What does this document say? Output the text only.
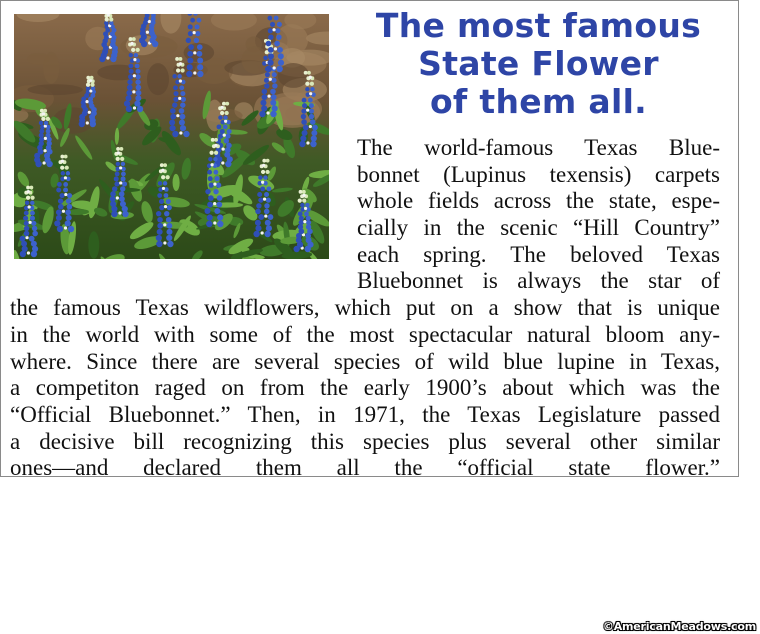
The most famous
State Flower
of them all.
The world-famous Texas Blue-
bonnet (Lupinus texensis) carpets
whole fields across the state, espe-
cially in the scenic “Hill Country”
each spring. The beloved Texas
Bluebonnet is always the star of
the famous Texas wildflowers, which put on a show that is unique
in the world with some of the most spectacular natural bloom any-
where. Since there are several species of wild blue lupine in Texas,
a competiton raged on from the early 1900’s about which was the
“Official Bluebonnet.” Then, in 1971, the Texas Legislature passed
a decisive bill recognizing this species plus several other similar
ones—and declared them all the “official state flower.”
©AmericanMeadows.com
